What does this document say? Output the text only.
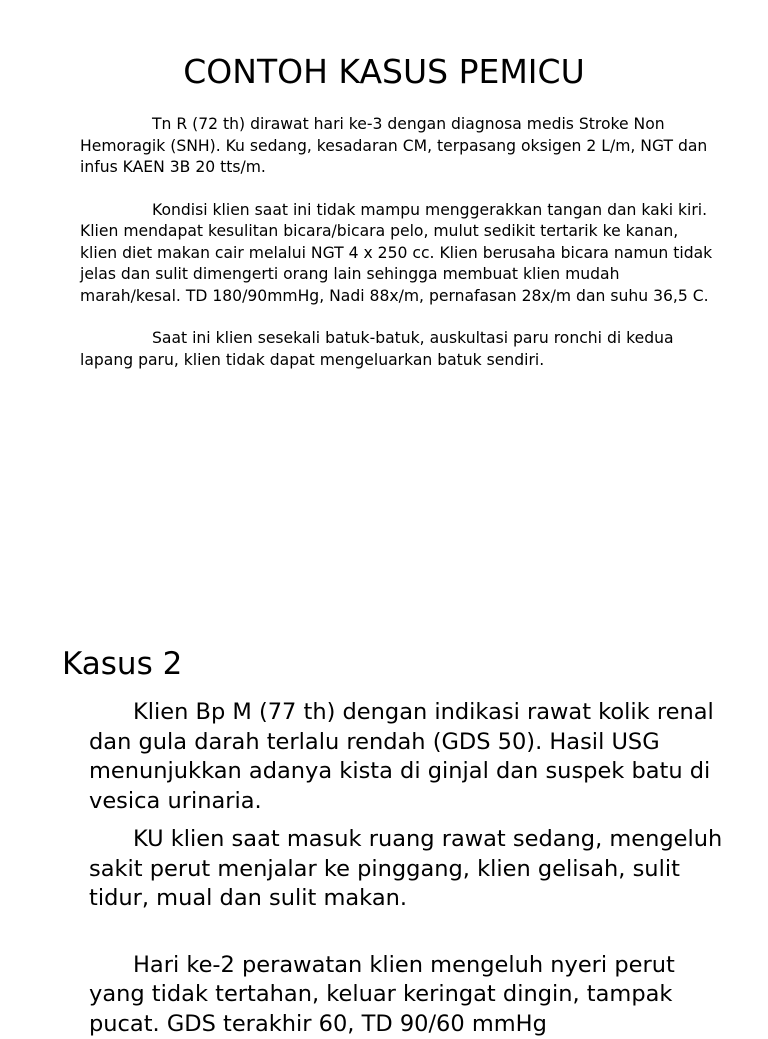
CONTOH KASUS PEMICU

Tn R (72 th) dirawat hari ke-3 dengan diagnosa medis Stroke Non Hemoragik (SNH). Ku sedang, kesadaran CM, terpasang oksigen 2 L/m, NGT dan infus KAEN 3B 20 tts/m.

Kondisi klien saat ini tidak mampu menggerakkan tangan dan kaki kiri. Klien mendapat kesulitan bicara/bicara pelo, mulut sedikit tertarik ke kanan, klien diet makan cair melalui NGT 4 x 250 cc. Klien berusaha bicara namun tidak jelas dan sulit dimengerti orang lain sehingga membuat klien mudah marah/kesal. TD 180/90mmHg, Nadi 88x/m, pernafasan 28x/m dan suhu 36,5 C.

Saat ini klien sesekali batuk-batuk, auskultasi paru ronchi di kedua lapang paru, klien tidak dapat mengeluarkan batuk sendiri.

Kasus 2

Klien Bp M (77 th) dengan indikasi rawat kolik renal dan gula darah terlalu rendah (GDS 50). Hasil USG menunjukkan adanya kista di ginjal dan suspek batu di vesica urinaria.

KU klien saat masuk ruang rawat sedang, mengeluh sakit perut menjalar ke pinggang, klien gelisah, sulit tidur, mual dan sulit makan.

Hari ke-2 perawatan klien mengeluh nyeri perut yang tidak tertahan, keluar keringat dingin, tampak pucat. GDS terakhir 60, TD 90/60 mmHg
